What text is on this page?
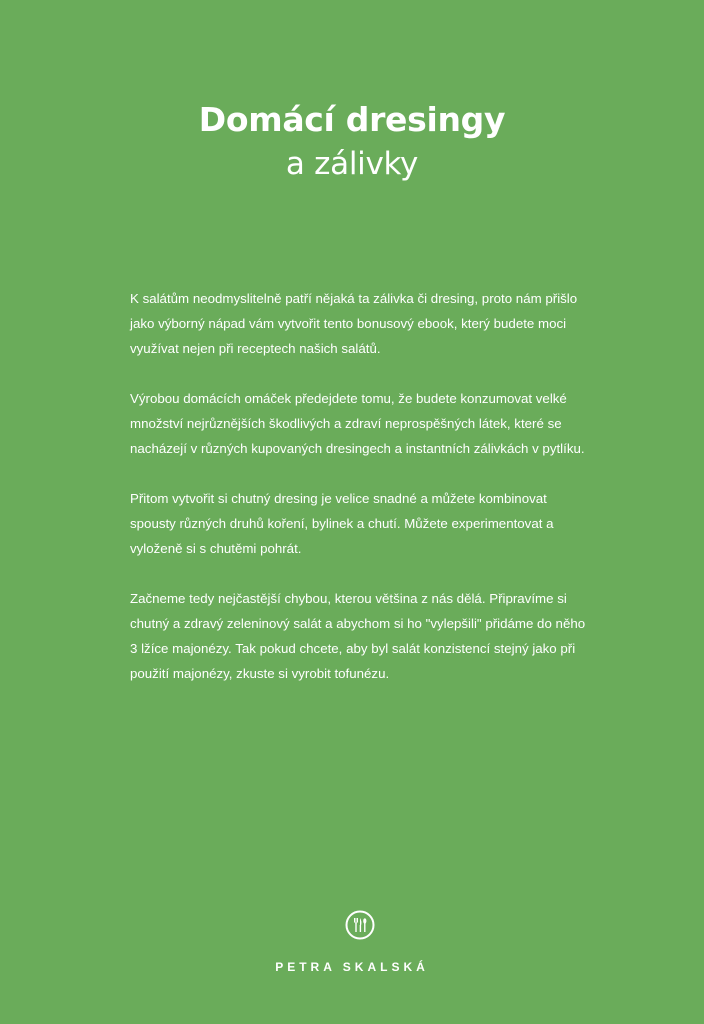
Domácí dresingy
a zálivky

K salátům neodmyslitelně patří nějaká ta zálivka či dresing, proto nám přišlo jako výborný nápad vám vytvořit tento bonusový ebook, který budete moci využívat nejen při receptech našich salátů.

Výrobou domácích omáček předejdete tomu, že budete konzumovat velké množství nejrůznějších škodlivých a zdraví neprospěšných látek, které se nacházejí v různých kupovaných dresingech a instantních zálivkách v pytlíku.

Přitom vytvořit si chutný dresing je velice snadné a můžete kombinovat spousty různých druhů koření, bylinek a chutí. Můžete experimentovat a vyloženě si s chutěmi pohrát.

Začneme tedy nejčastější chybou, kterou většina z nás dělá. Připravíme si chutný a zdravý zeleninový salát a abychom si ho "vylepšili" přidáme do něho 3 lžíce majonézy. Tak pokud chcete, aby byl salát konzistencí stejný jako při použití majonézy, zkuste si vyrobit tofunézu.

PETRA SKALSKÁ
